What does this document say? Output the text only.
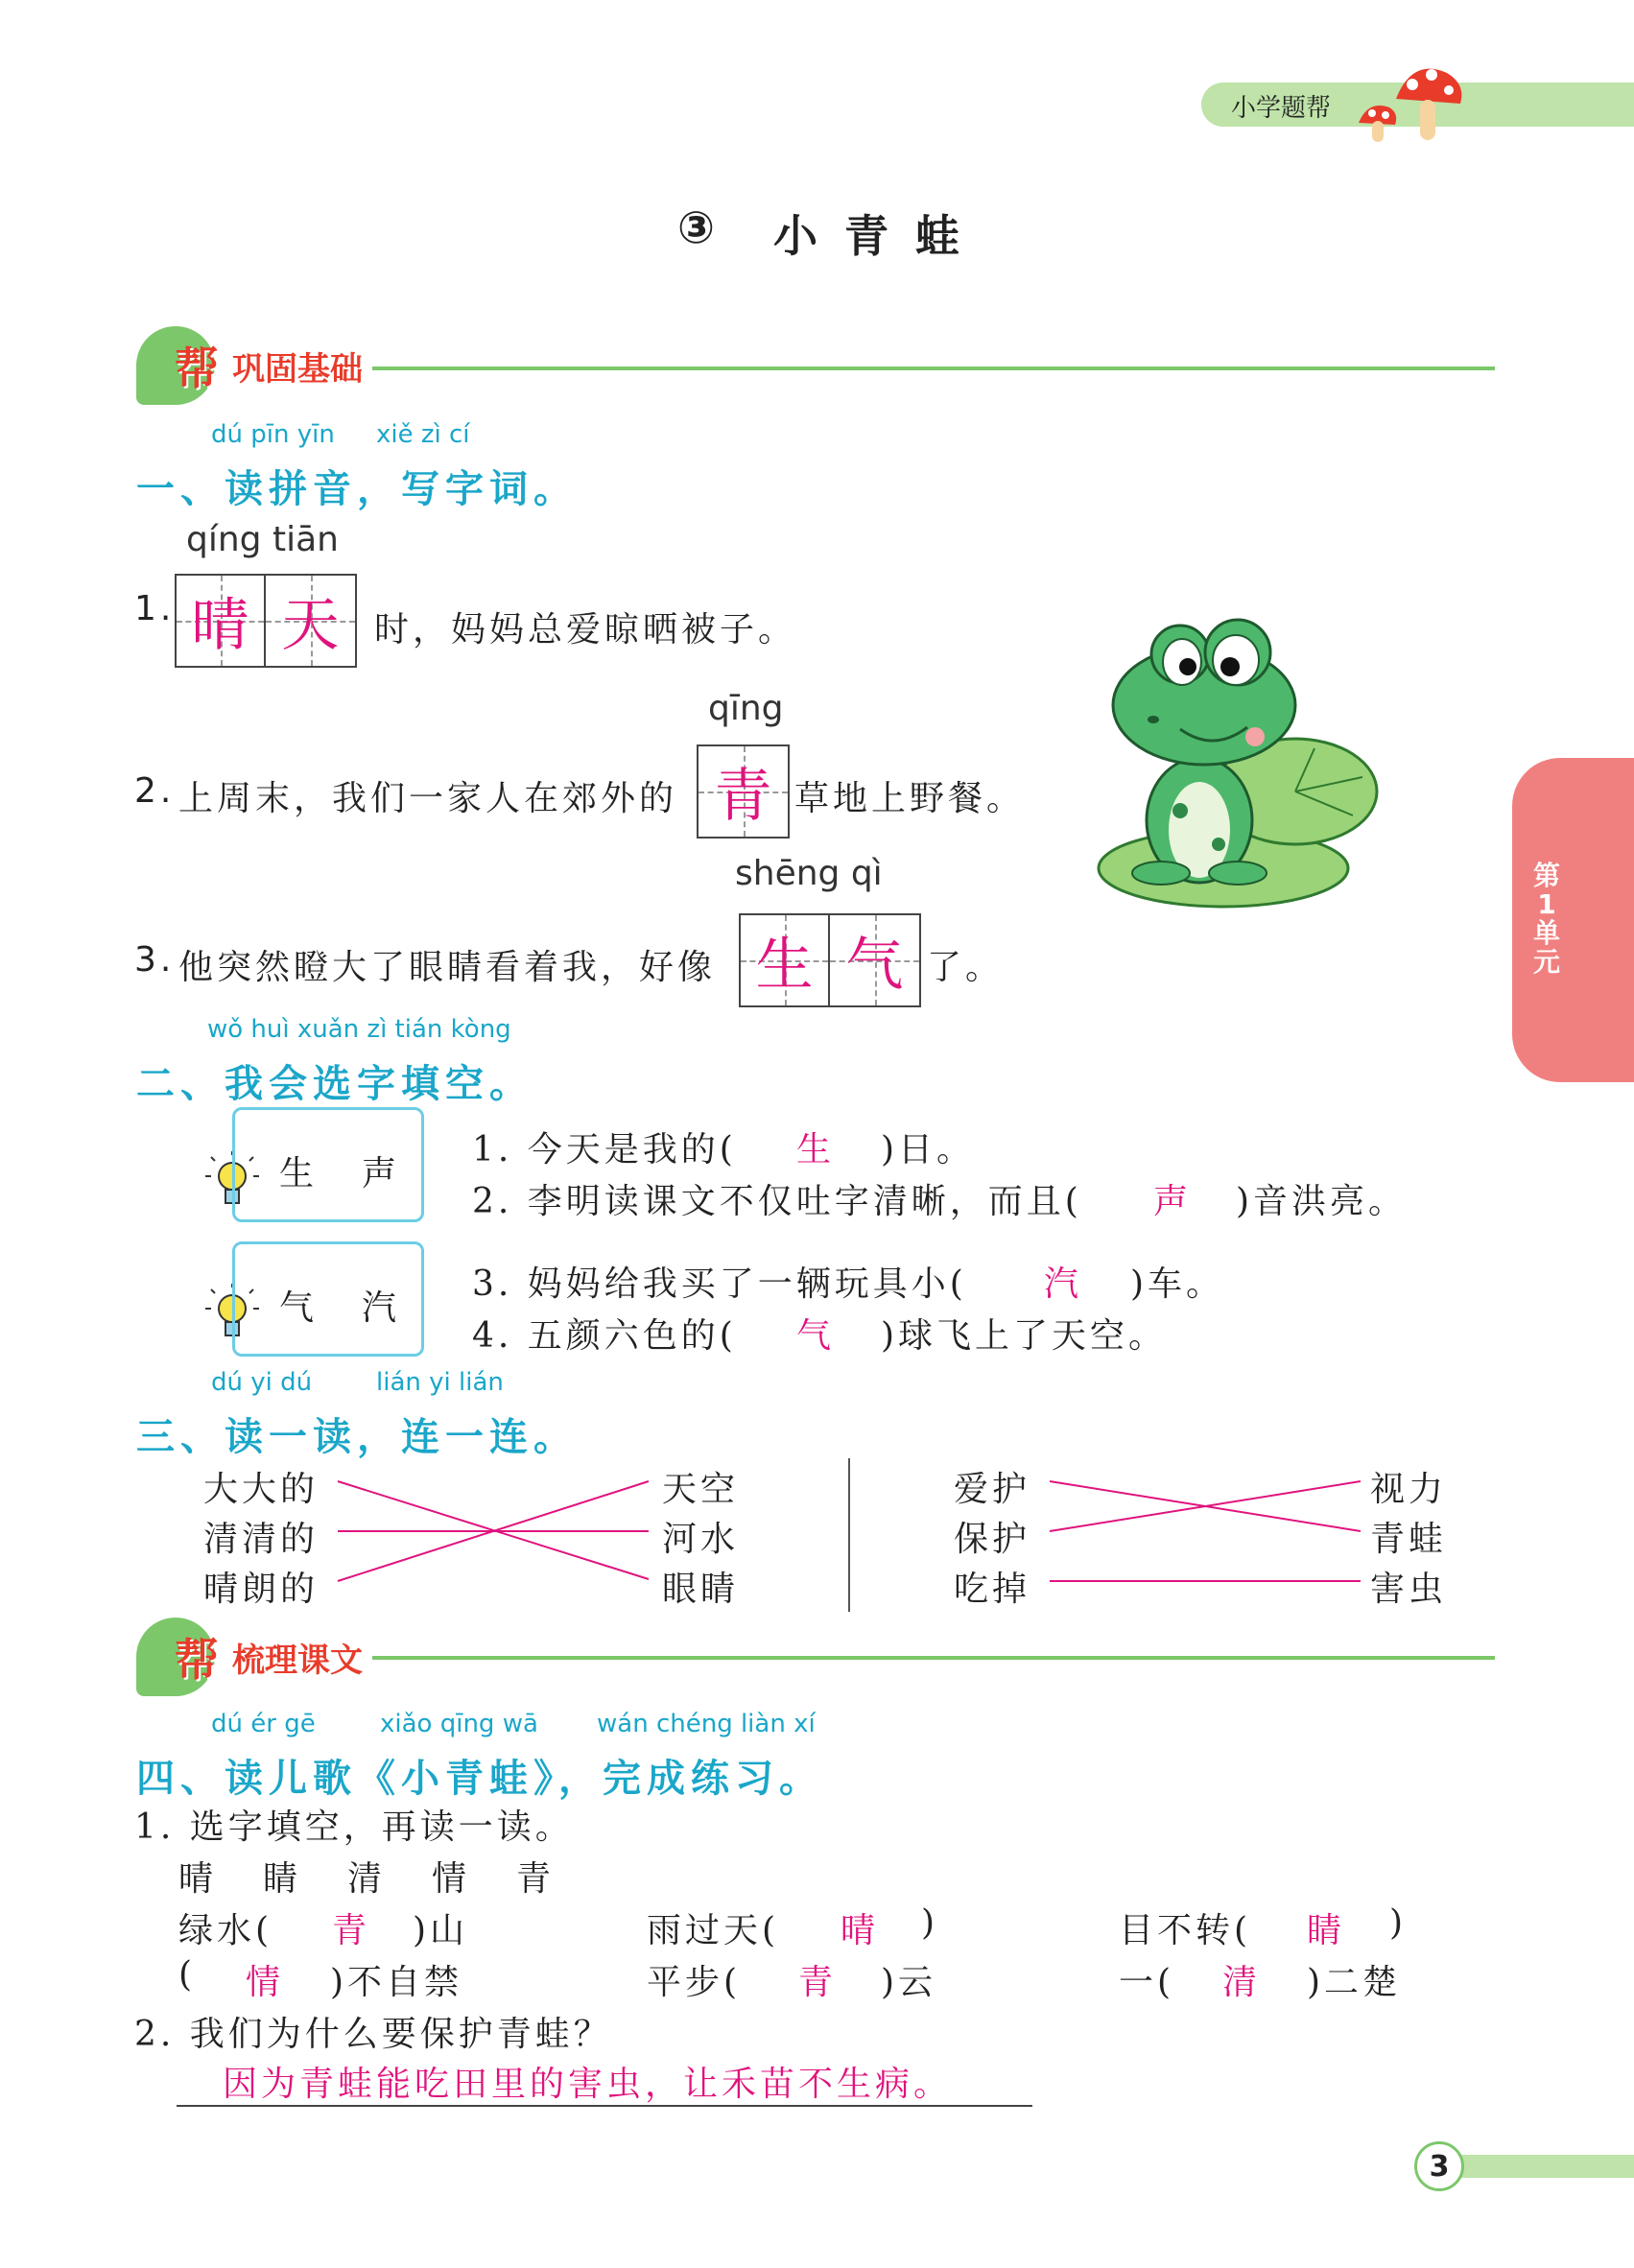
小学题帮
③ 小 青 蛙
帮 巩固基础
dú pīn yīn xiě zì cí
一、读拼音，写字词。
qíng tiān
1. 晴 天 时，妈妈总爱晾晒被子。
qīng
2. 上周末，我们一家人在郊外的 青 草地上野餐。
shēng qì
3. 他突然瞪大了眼睛看着我，好像 生 气 了。
第1单元
wǒ huì xuǎn zì tián kòng
二、我会选字填空。
生 声
气 汽
1. 今天是我的( 生 )日。
2. 李明读课文不仅吐字清晰，而且( 声 )音洪亮。
3. 妈妈给我买了一辆玩具小( 汽 )车。
4. 五颜六色的( 气 )球飞上了天空。
dú yi dú	lián yi lián
三、读一读，连一连。
大大的
清清的
晴朗的
天空
河水
眼睛
爱护
保护
吃掉
视力
青蛙
害虫
帮 梳理课文
dú ér gē	xiǎo qīng wā wán chéng liàn xí
四、读儿歌《小青蛙》，完成练习。
1. 选字填空，再读一读。
晴 睛 清 情 青
绿水( 青 )山	雨过天( 晴 )	目不转( 睛 )
( 情 )不自禁	平步( 青 )云	一( 清 )二楚
2. 我们为什么要保护青蛙？
因为青蛙能吃田里的害虫，让禾苗不生病。
3
